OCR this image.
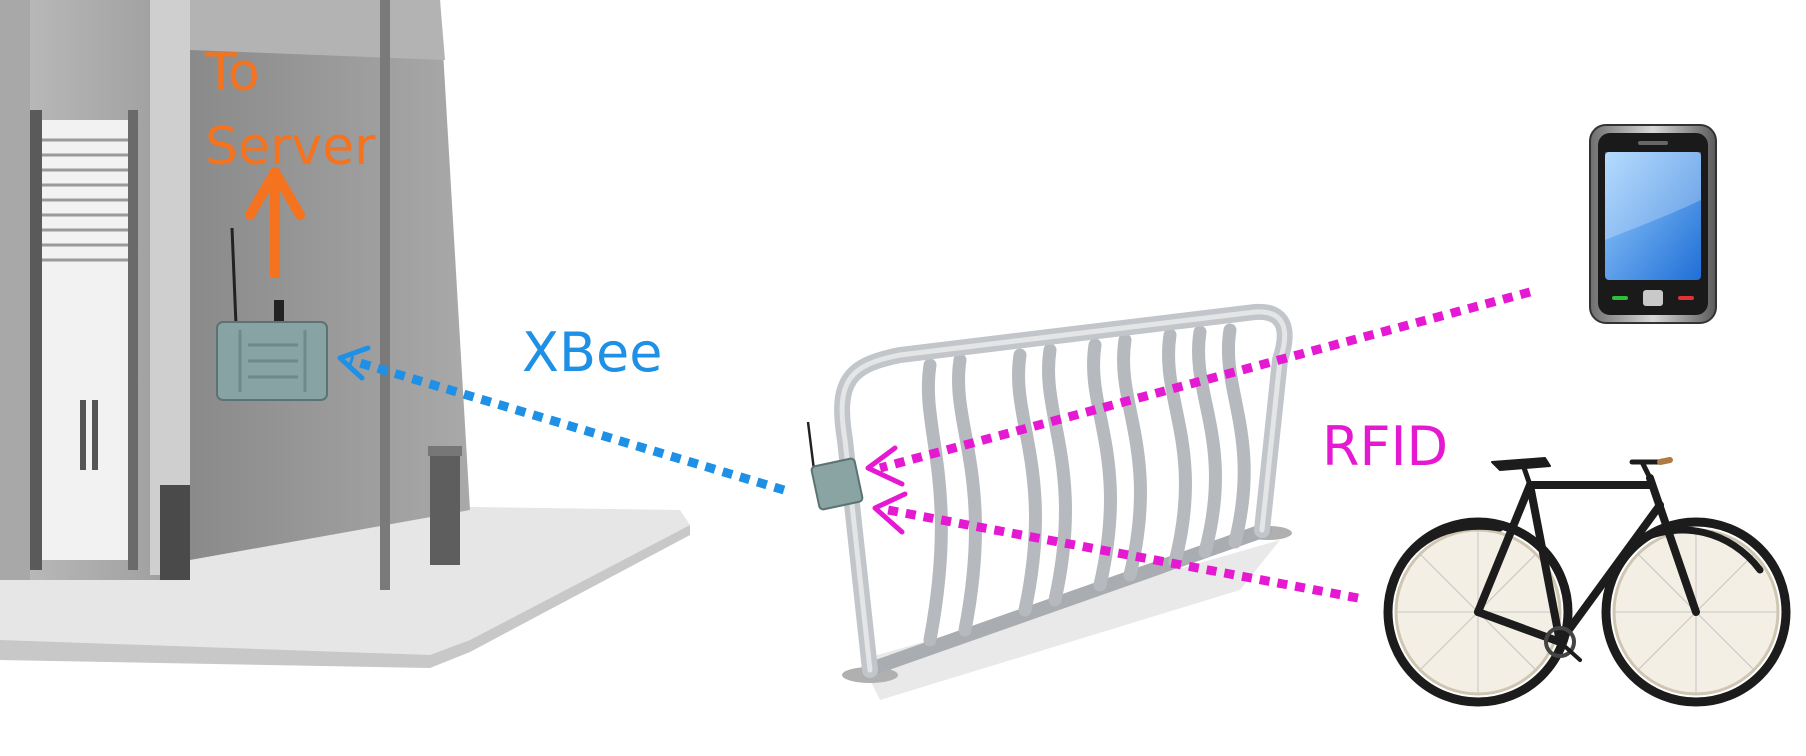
To
Server
XBee
RFID
